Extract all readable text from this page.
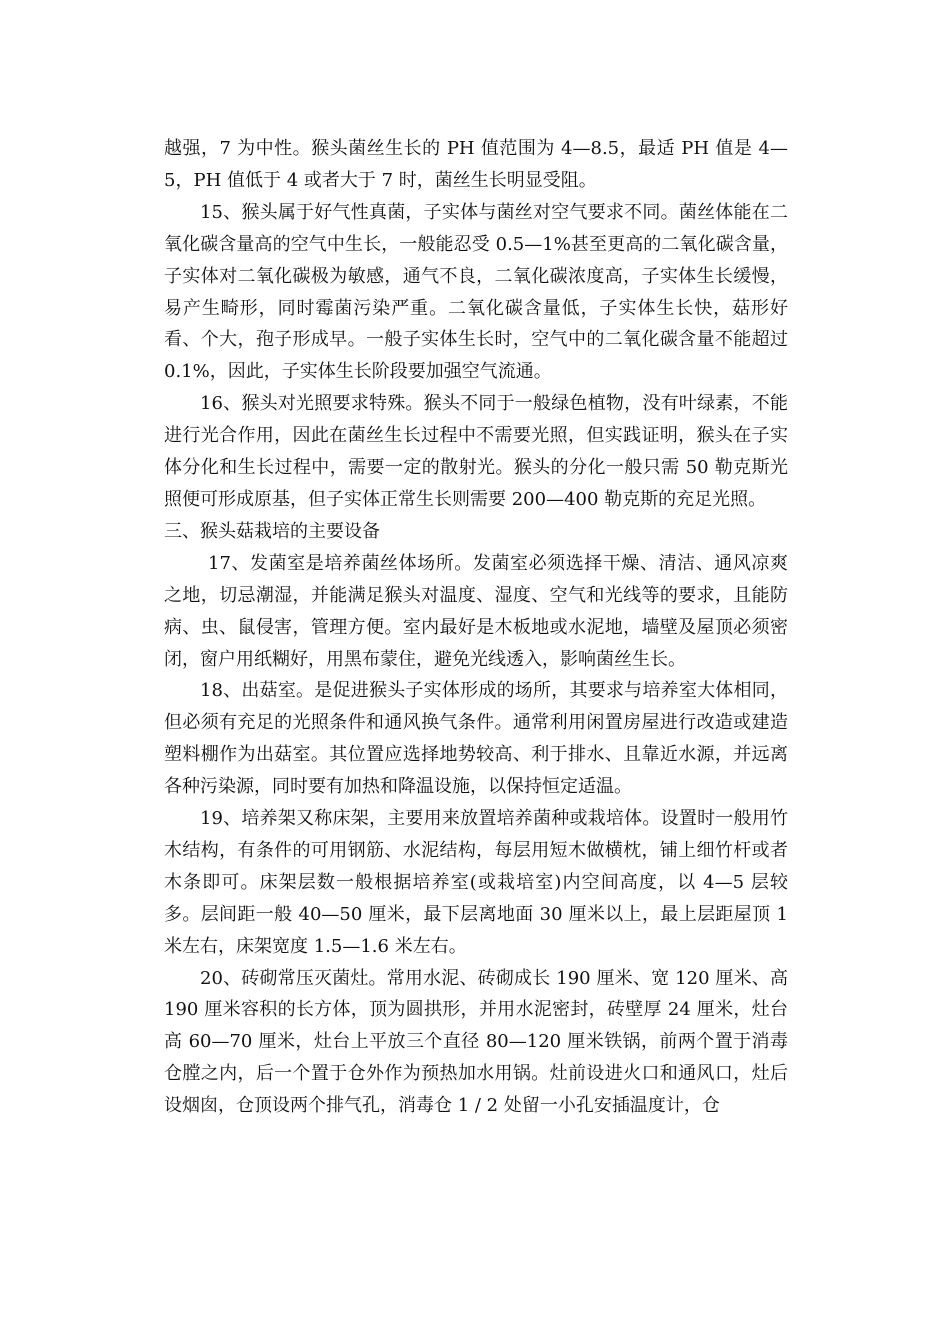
越强，7 为中性。猴头菌丝生长的 PH 值范围为 4—8.5，最适 PH 值是 4—5，PH 值低于 4 或者大于 7 时，菌丝生长明显受阻。

15、猴头属于好气性真菌，子实体与菌丝对空气要求不同。菌丝体能在二氧化碳含量高的空气中生长，一般能忍受 0.5—1%甚至更高的二氧化碳含量，子实体对二氧化碳极为敏感，通气不良，二氧化碳浓度高，子实体生长缓慢，易产生畸形，同时霉菌污染严重。二氧化碳含量低，子实体生长快，菇形好看、个大，孢子形成早。一般子实体生长时，空气中的二氧化碳含量不能超过 0.1%，因此，子实体生长阶段要加强空气流通。

16、猴头对光照要求特殊。猴头不同于一般绿色植物，没有叶绿素，不能进行光合作用，因此在菌丝生长过程中不需要光照，但实践证明，猴头在子实体分化和生长过程中，需要一定的散射光。猴头的分化一般只需 50 勒克斯光照便可形成原基，但子实体正常生长则需要 200—400 勒克斯的充足光照。

三、猴头菇栽培的主要设备

17、发菌室是培养菌丝体场所。发菌室必须选择干燥、清洁、通风凉爽之地，切忌潮湿，并能满足猴头对温度、湿度、空气和光线等的要求，且能防病、虫、鼠侵害，管理方便。室内最好是木板地或水泥地，墙壁及屋顶必须密闭，窗户用纸糊好，用黑布蒙住，避免光线透入，影响菌丝生长。

18、出菇室。是促进猴头子实体形成的场所，其要求与培养室大体相同，但必须有充足的光照条件和通风换气条件。通常利用闲置房屋进行改造或建造塑料棚作为出菇室。其位置应选择地势较高、利于排水、且靠近水源，并远离各种污染源，同时要有加热和降温设施，以保持恒定适温。

19、培养架又称床架，主要用来放置培养菌种或栽培体。设置时一般用竹木结构，有条件的可用钢筋、水泥结构，每层用短木做横枕，铺上细竹杆或者木条即可。床架层数一般根据培养室(或栽培室)内空间高度，以 4—5 层较多。层间距一般 40—50 厘米，最下层离地面 30 厘米以上，最上层距屋顶 1 米左右，床架宽度 1.5—1.6 米左右。

20、砖砌常压灭菌灶。常用水泥、砖砌成长 190 厘米、宽 120 厘米、高 190 厘米容积的长方体，顶为圆拱形，并用水泥密封，砖壁厚 24 厘米，灶台高 60—70 厘米，灶台上平放三个直径 80—120 厘米铁锅，前两个置于消毒仓膛之内，后一个置于仓外作为预热加水用锅。灶前设进火口和通风口，灶后设烟囱，仓顶设两个排气孔，消毒仓 1 / 2 处留一小孔安插温度计，仓
